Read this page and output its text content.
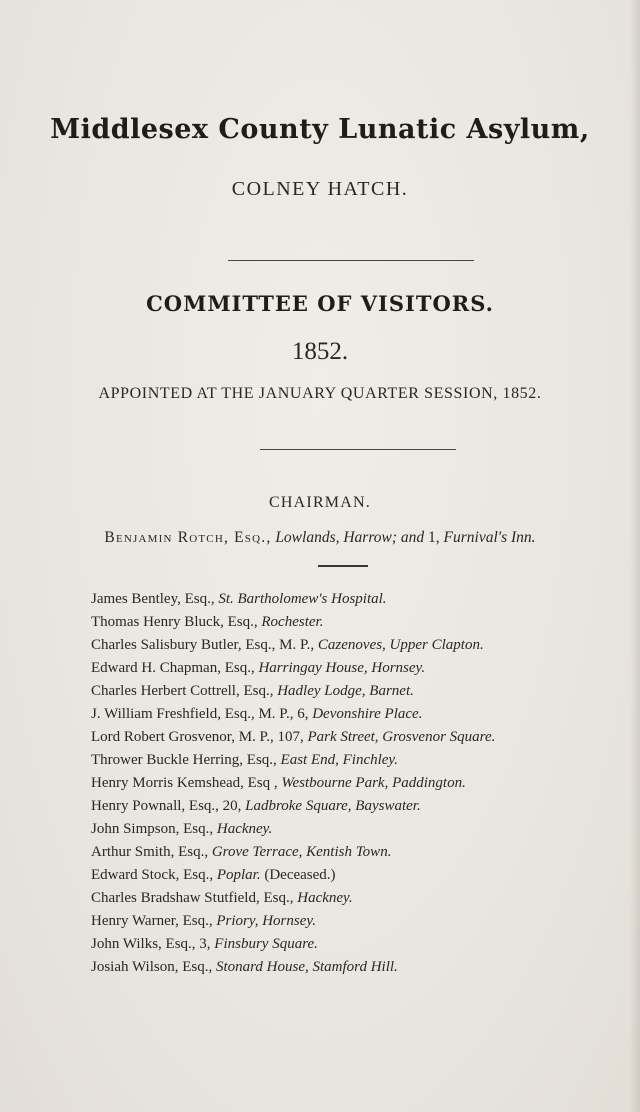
Middlesex County Lunatic Asylum,
COLNEY HATCH.
COMMITTEE OF VISITORS.
1852.
APPOINTED AT THE JANUARY QUARTER SESSION, 1852.
CHAIRMAN.
Benjamin Rotch, Esq., Lowlands, Harrow; and 1, Furnival's Inn.
James Bentley, Esq., St. Bartholomew's Hospital.
Thomas Henry Bluck, Esq., Rochester.
Charles Salisbury Butler, Esq., M. P., Cazenoves, Upper Clapton.
Edward H. Chapman, Esq., Harringay House, Hornsey.
Charles Herbert Cottrell, Esq., Hadley Lodge, Barnet.
J. William Freshfield, Esq., M. P., 6, Devonshire Place.
Lord Robert Grosvenor, M. P., 107, Park Street, Grosvenor Square.
Thrower Buckle Herring, Esq., East End, Finchley.
Henry Morris Kemshead, Esq , Westbourne Park, Paddington.
Henry Pownall, Esq., 20, Ladbroke Square, Bayswater.
John Simpson, Esq., Hackney.
Arthur Smith, Esq., Grove Terrace, Kentish Town.
Edward Stock, Esq., Poplar. (Deceased.)
Charles Bradshaw Stutfield, Esq., Hackney.
Henry Warner, Esq., Priory, Hornsey.
John Wilks, Esq., 3, Finsbury Square.
Josiah Wilson, Esq., Stonard House, Stamford Hill.
